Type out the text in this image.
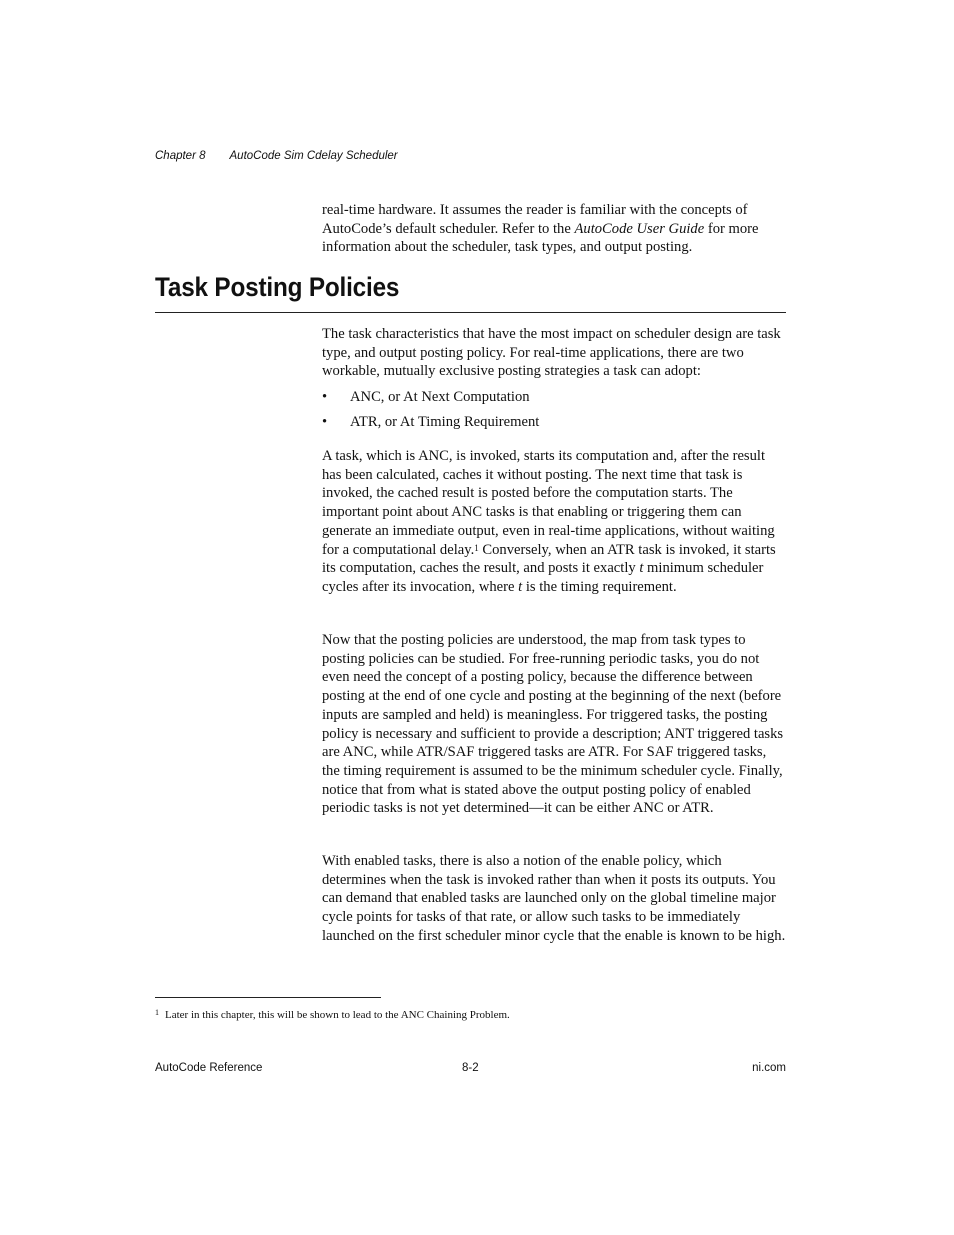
Chapter 8 AutoCode Sim Cdelay Scheduler

real-time hardware. It assumes the reader is familiar with the concepts of AutoCode’s default scheduler. Refer to the AutoCode User Guide for more information about the scheduler, task types, and output posting.

Task Posting Policies

The task characteristics that have the most impact on scheduler design are task type, and output posting policy. For real-time applications, there are two workable, mutually exclusive posting strategies a task can adopt:

• ANC, or At Next Computation
• ATR, or At Timing Requirement

A task, which is ANC, is invoked, starts its computation and, after the result has been calculated, caches it without posting. The next time that task is invoked, the cached result is posted before the computation starts. The important point about ANC tasks is that enabling or triggering them can generate an immediate output, even in real-time applications, without waiting for a computational delay.$^1$ Conversely, when an ATR task is invoked, it starts its computation, caches the result, and posts it exactly t minimum scheduler cycles after its invocation, where t is the timing requirement.

Now that the posting policies are understood, the map from task types to posting policies can be studied. For free-running periodic tasks, you do not even need the concept of a posting policy, because the difference between posting at the end of one cycle and posting at the beginning of the next (before inputs are sampled and held) is meaningless. For triggered tasks, the posting policy is necessary and sufficient to provide a description; ANT triggered tasks are ANC, while ATR/SAF triggered tasks are ATR. For SAF triggered tasks, the timing requirement is assumed to be the minimum scheduler cycle. Finally, notice that from what is stated above the output posting policy of enabled periodic tasks is not yet determined—it can be either ANC or ATR.

With enabled tasks, there is also a notion of the enable policy, which determines when the task is invoked rather than when it posts its outputs. You can demand that enabled tasks are launched only on the global timeline major cycle points for tasks of that rate, or allow such tasks to be immediately launched on the first scheduler minor cycle that the enable is known to be high.

$^1$ Later in this chapter, this will be shown to lead to the ANC Chaining Problem.
AutoCode Reference	8-2	ni.com
